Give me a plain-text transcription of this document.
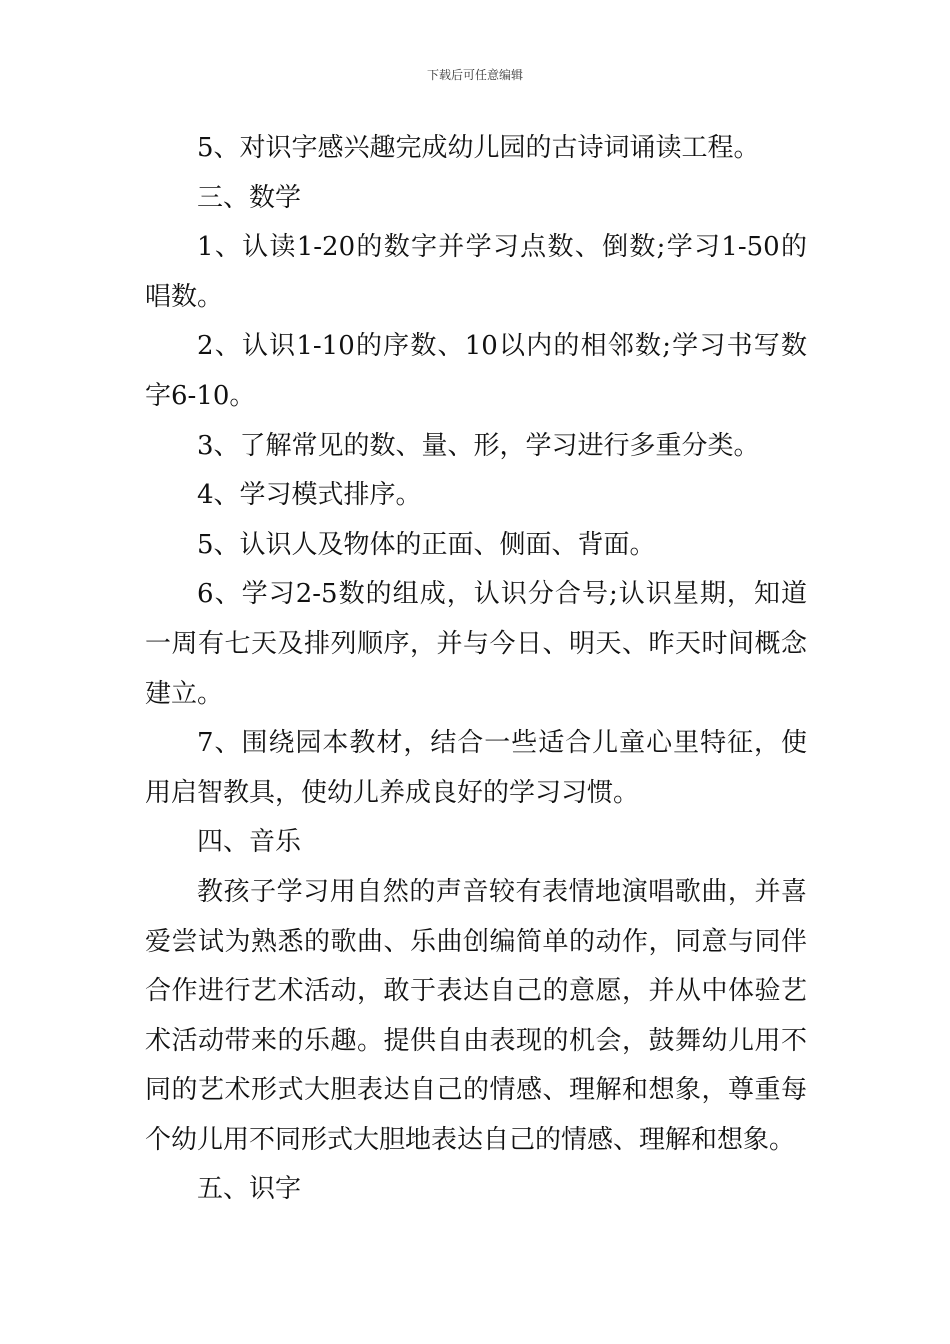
下载后可任意编辑

5、对识字感兴趣完成幼儿园的古诗词诵读工程。

三、数学

1、认读1-20的数字并学习点数、倒数;学习1-50的唱数。

2、认识1-10的序数、10以内的相邻数;学习书写数字6-10。

3、了解常见的数、量、形，学习进行多重分类。

4、学习模式排序。

5、认识人及物体的正面、侧面、背面。

6、学习2-5数的组成，认识分合号;认识星期，知道一周有七天及排列顺序，并与今日、明天、昨天时间概念建立。

7、围绕园本教材，结合一些适合儿童心里特征，使用启智教具，使幼儿养成良好的学习习惯。

四、音乐

教孩子学习用自然的声音较有表情地演唱歌曲，并喜爱尝试为熟悉的歌曲、乐曲创编简单的动作，同意与同伴合作进行艺术活动，敢于表达自己的意愿，并从中体验艺术活动带来的乐趣。提供自由表现的机会，鼓舞幼儿用不同的艺术形式大胆表达自己的情感、理解和想象，尊重每个幼儿用不同形式大胆地表达自己的情感、理解和想象。

五、识字
